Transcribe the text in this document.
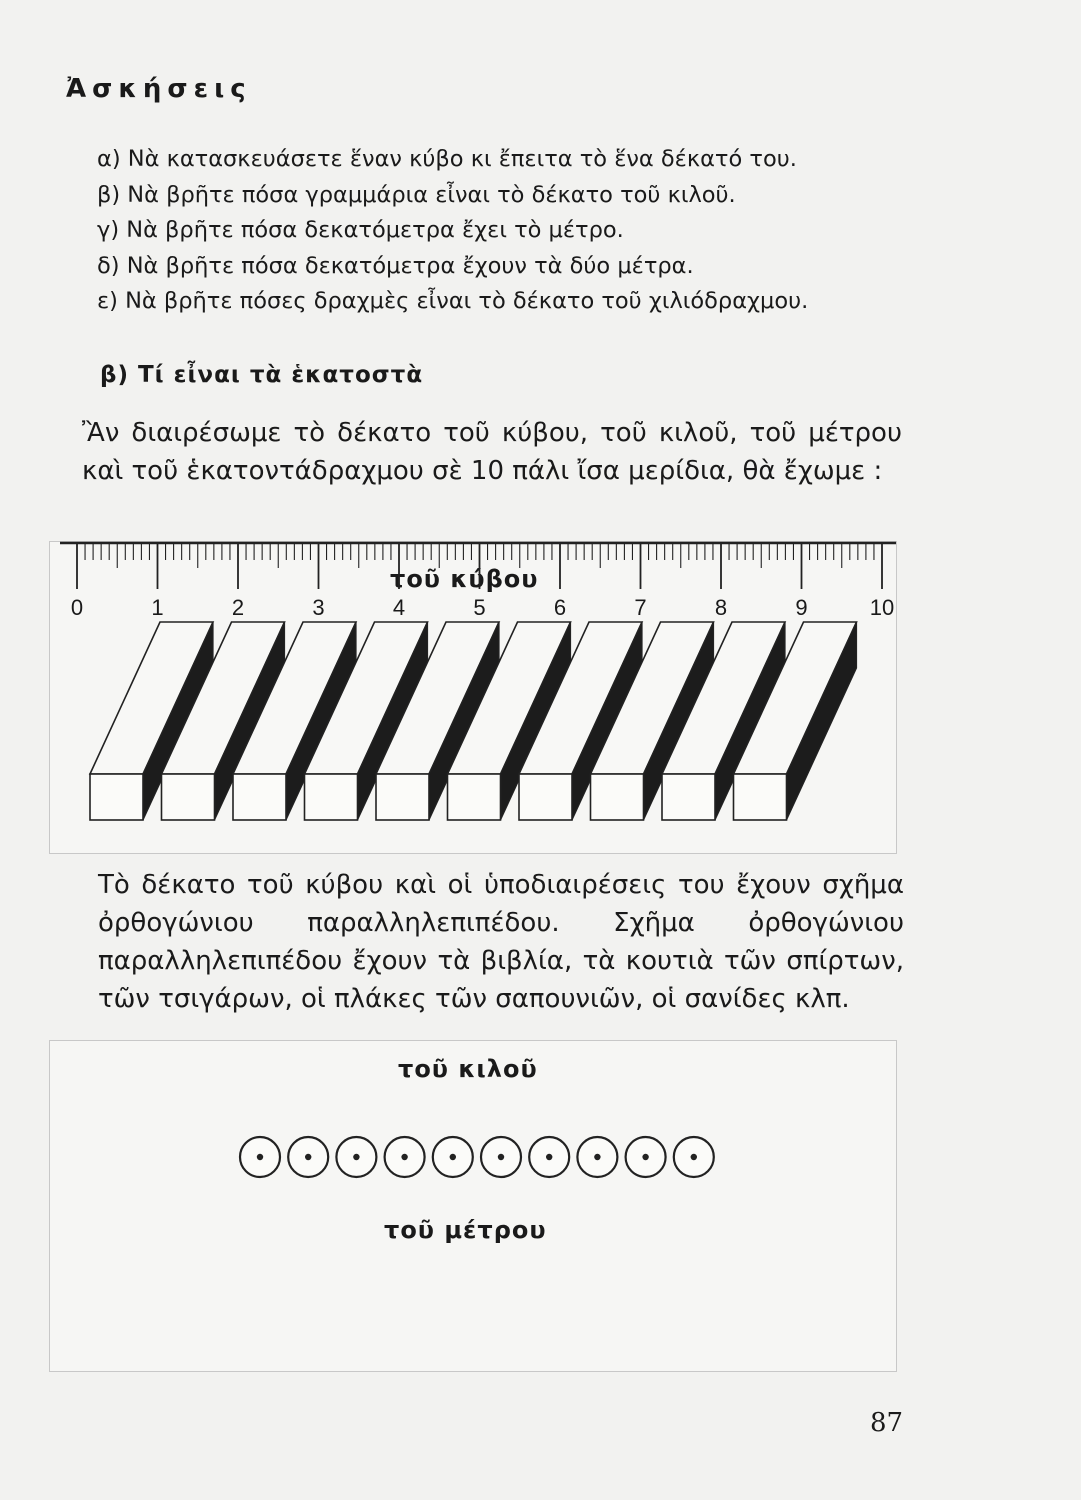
Ἀσκήσεις
α) Νὰ κατασκευάσετε ἕναν κύβο κι ἔπειτα τὸ ἕνα δέκατό του.
β) Νὰ βρῆτε πόσα γραμμάρια εἶναι τὸ δέκατο τοῦ κιλοῦ.
γ) Νὰ βρῆτε πόσα δεκατόμετρα ἔχει τὸ μέτρο.
δ) Νὰ βρῆτε πόσα δεκατόμετρα ἔχουν τὰ δύο μέτρα.
ε) Νὰ βρῆτε πόσες δραχμὲς εἶναι τὸ δέκατο τοῦ χιλιόδραχμου.
β) Τί εἶναι τὰ ἑκατοστὰ
Ἂν διαιρέσωμε τὸ δέκατο τοῦ κύβου, τοῦ κιλοῦ, τοῦ μέτρου καὶ τοῦ ἑκατοντάδραχμου σὲ 10 πάλι ἴσα μερίδια, θὰ ἔχωμε :
τοῦ κύβου
Τὸ δέκατο τοῦ κύβου καὶ οἱ ὑποδιαιρέσεις του ἔχουν σχῆμα ὀρθογώνιου παραλληλεπιπέδου. Σχῆμα ὀρθογώνιου παραλληλεπιπέδου ἔχουν τὰ βιβλία, τὰ κουτιὰ τῶν σπίρτων, τῶν τσιγάρων, οἱ πλάκες τῶν σαπουνιῶν, οἱ σανίδες κλπ.
0	1	2	3	4	5	6	7	8	9	10
τοῦ κιλοῦ
τοῦ μέτρου
87
